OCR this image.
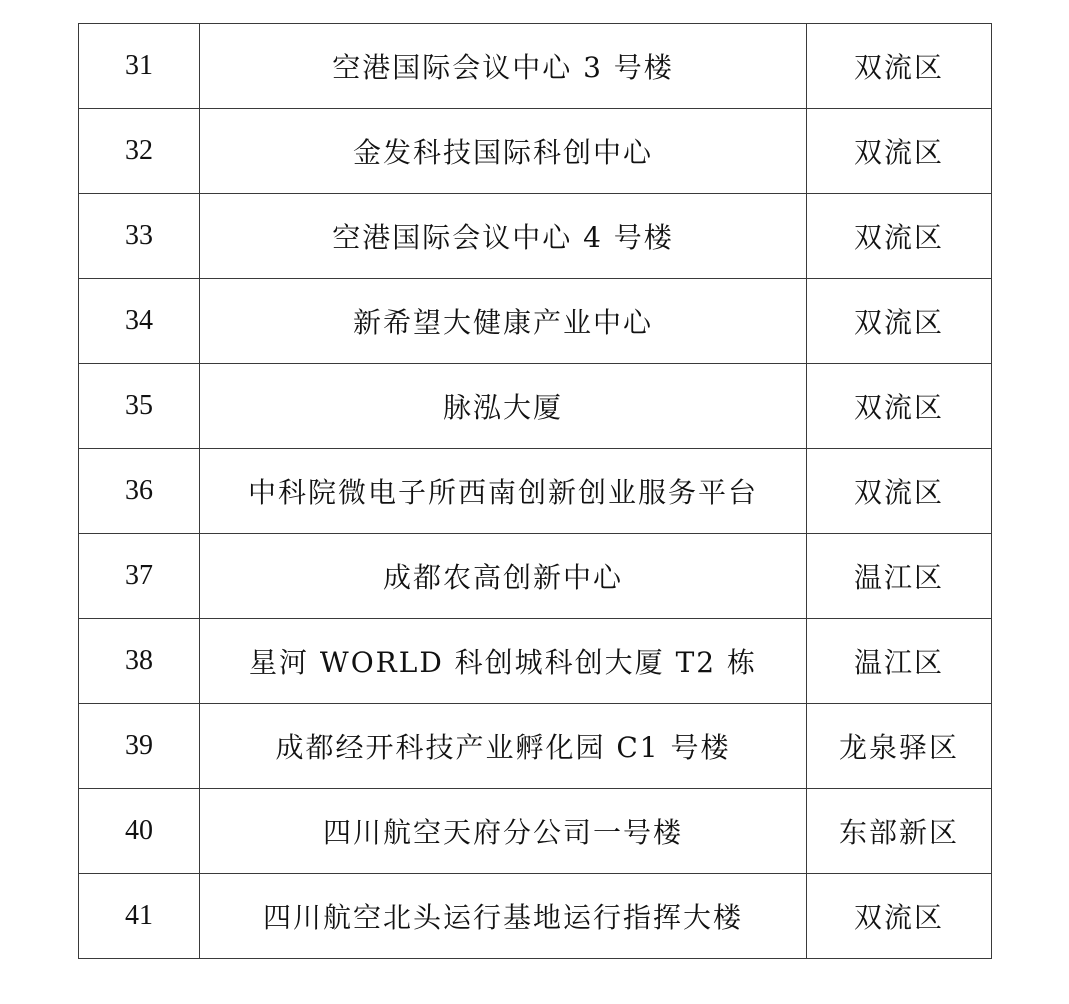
31	空港国际会议中心 3 号楼	双流区
32	金发科技国际科创中心	双流区
33	空港国际会议中心 4 号楼	双流区
34	新希望大健康产业中心	双流区
35	脉泓大厦	双流区
36	中科院微电子所西南创新创业服务平台	双流区
37	成都农高创新中心	温江区
38	星河 WORLD 科创城科创大厦 T2 栋	温江区
39	成都经开科技产业孵化园 C1 号楼	龙泉驿区
40	四川航空天府分公司一号楼	东部新区
41	四川航空北头运行基地运行指挥大楼	双流区
